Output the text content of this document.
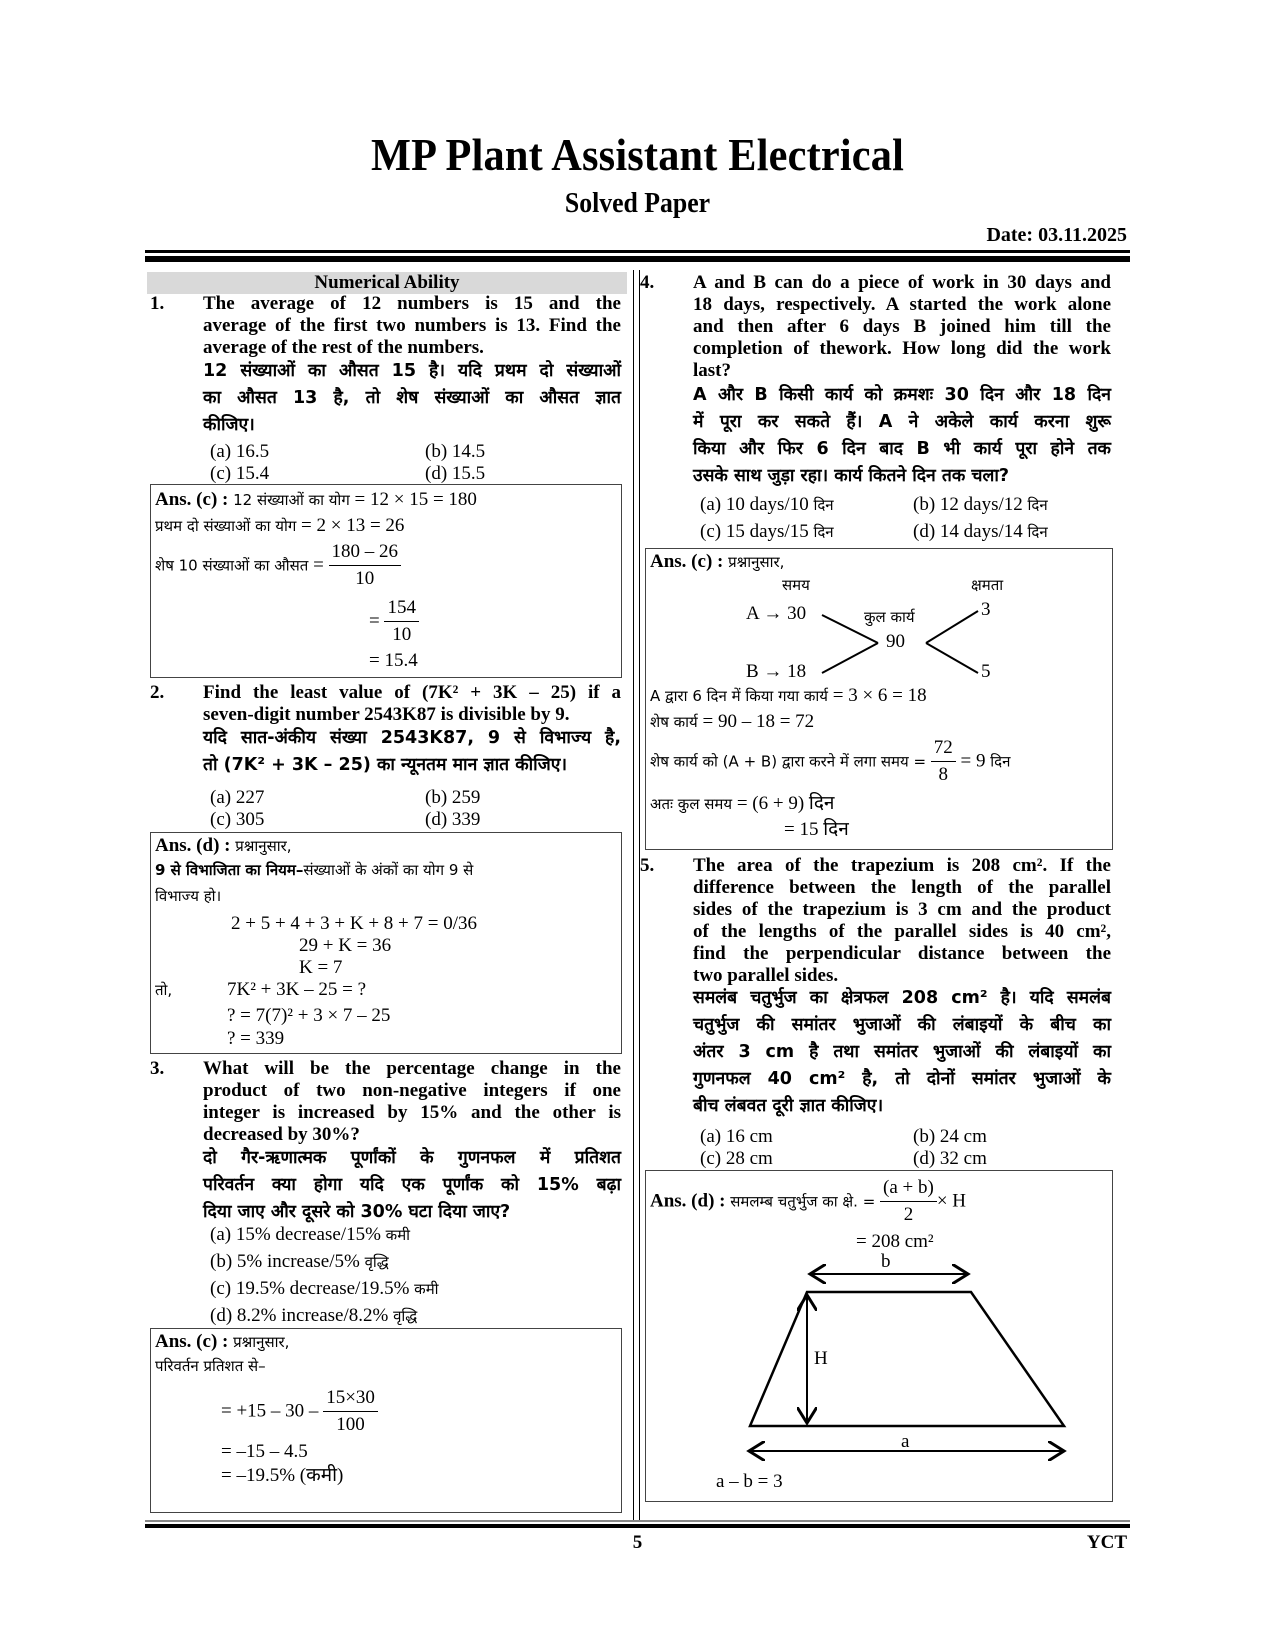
MP Plant Assistant Electrical
Solved Paper
Date: 03.11.2025
Numerical Ability
1. The average of 12 numbers is 15 and the
average of the first two numbers is 13. Find the
average of the rest of the numbers.
12 संख्याओं का औसत 15 है। यदि प्रथम दो संख्याओं
का औसत 13 है, तो शेष संख्याओं का औसत ज्ञात
कीजिए।
(a) 16.5	(b) 14.5
(c) 15.4	(d) 15.5
Ans. (c) : 12 संख्याओं का योग = 12 × 15 = 180
प्रथम दो संख्याओं का योग = 2 × 13 = 26
शेष 10 संख्याओं का औसत = $\frac{180 - 26}{10}$
= $\frac{154}{10}$
= 15.4
2. Find the least value of (7K² + 3K – 25) if a
seven-digit number 2543K87 is divisible by 9.
यदि सात-अंकीय संख्या 2543K87, 9 से विभाज्य है,
तो (7K² + 3K – 25) का न्यूनतम मान ज्ञात कीजिए।
(a) 227	(b) 259
(c) 305	(d) 339
Ans. (d) : प्रश्नानुसार,
9 से विभाजिता का नियम–संख्याओं के अंकों का योग 9 से
विभाज्य हो।
2 + 5 + 4 + 3 + K + 8 + 7 = 0/36
29 + K = 36
K = 7
तो,	7K² + 3K – 25 = ?
? = 7(7)² + 3 × 7 – 25
? = 339
3. What will be the percentage change in the
product of two non-negative integers if one
integer is increased by 15% and the other is
decreased by 30%?
दो गैर-ऋणात्मक पूर्णांकों के गुणनफल में प्रतिशत
परिवर्तन क्या होगा यदि एक पूर्णांक को 15% बढ़ा
दिया जाए और दूसरे को 30% घटा दिया जाए?
(a) 15% decrease/15% कमी
(b) 5% increase/5% वृद्धि
(c) 19.5% decrease/19.5% कमी
(d) 8.2% increase/8.2% वृद्धि
Ans. (c) : प्रश्नानुसार,
परिवर्तन प्रतिशत से–
= $+15 - 30 - \frac{15\times 30}{100}$
= –15 – 4.5
= –19.5% (कमी)
4. A and B can do a piece of work in 30 days and
18 days, respectively. A started the work alone
and then after 6 days B joined him till the
completion of thework. How long did the work
last?
A और B किसी कार्य को क्रमशः 30 दिन और 18 दिन
में पूरा कर सकते हैं। A ने अकेले कार्य करना शुरू
किया और फिर 6 दिन बाद B भी कार्य पूरा होने तक
उसके साथ जुड़ा रहा। कार्य कितने दिन तक चला?
(a) 10 days/10 दिन	(b) 12 days/12 दिन
(c) 15 days/15 दिन	(d) 14 days/14 दिन
Ans. (c) : प्रश्नानुसार,
समय	क्षमता
A → 30	कुल कार्य	3
90
B → 18	5
A द्वारा 6 दिन में किया गया कार्य = 3 × 6 = 18
शेष कार्य = 90 – 18 = 72
शेष कार्य को (A + B) द्वारा करने में लगा समय = $\frac{72}{8} = 9$ दिन
अतः कुल समय = (6 + 9) दिन
= 15 दिन
5. The area of the trapezium is 208 cm². If the
difference between the length of the parallel
sides of the trapezium is 3 cm and the product
of the lengths of the parallel sides is 40 cm²,
find the perpendicular distance between the
two parallel sides.
समलंब चतुर्भुज का क्षेत्रफल 208 cm² है। यदि समलंब
चतुर्भुज की समांतर भुजाओं की लंबाइयों के बीच का
अंतर 3 cm है तथा समांतर भुजाओं की लंबाइयों का
गुणनफल 40 cm² है, तो दोनों समांतर भुजाओं के
बीच लंबवत दूरी ज्ञात कीजिए।
(a) 16 cm	(b) 24 cm
(c) 28 cm	(d) 32 cm
Ans. (d) : समलम्ब चतुर्भुज का क्षे. = $\frac{(a + b)}{2} \times H$
= 208 cm²
b
H
a
a – b = 3
5	YCT
